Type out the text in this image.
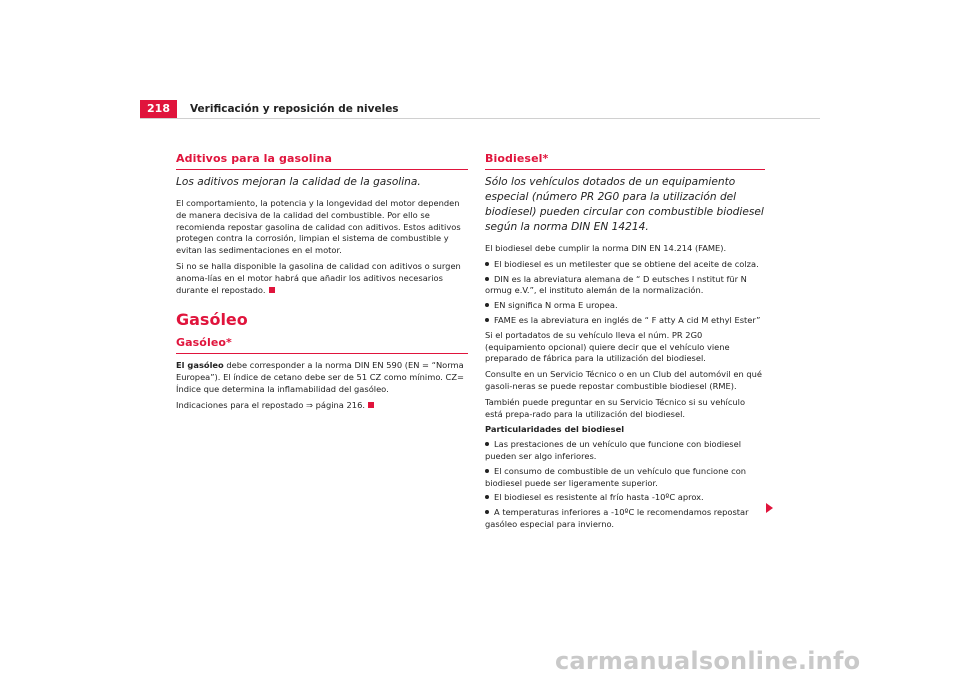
218	Verificación y reposición de niveles
Aditivos para la gasolina
Los aditivos mejoran la calidad de la gasolina.

El comportamiento, la potencia y la longevidad del motor dependen de manera decisiva de la calidad del combustible. Por ello se recomienda repostar gasolina de calidad con aditivos. Estos aditivos protegen contra la corrosión, limpian el sistema de combustible y evitan las sedimentaciones en el motor.

Si no se halla disponible la gasolina de calidad con aditivos o surgen anoma-lías en el motor habrá que añadir los aditivos necesarios durante el repostado.

Gasóleo
Gasóleo*

El gasóleo debe corresponder a la norma DIN EN 590 (EN = “Norma Europea”). El índice de cetano debe ser de 51 CZ como mínimo. CZ= Índice que determina la inflamabilidad del gasóleo.

Indicaciones para el repostado ⇒ página 216.

Biodiesel*
Sólo los vehículos dotados de un equipamiento especial (número PR 2G0 para la utilización del biodiesel) pueden circular con combustible biodiesel según la norma DIN EN 14214.

El biodiesel debe cumplir la norma DIN EN 14.214 (FAME).

El biodiesel es un metilester que se obtiene del aceite de colza.
DIN es la abreviatura alemana de “ D eutsches I nstitut für N ormug e.V.”, el instituto alemán de la normalización.
EN significa N orma E uropea.
FAME es la abreviatura en inglés de “ F atty A cid M ethyl Ester”

Si el portadatos de su vehículo lleva el núm. PR 2G0 (equipamiento opcional) quiere decir que el vehículo viene preparado de fábrica para la utilización del biodiesel.

Consulte en un Servicio Técnico o en un Club del automóvil en qué gasoli-neras se puede repostar combustible biodiesel (RME).

También puede preguntar en su Servicio Técnico si su vehículo está prepa-rado para la utilización del biodiesel.

Particularidades del biodiesel
Las prestaciones de un vehículo que funcione con biodiesel pueden ser algo inferiores.
El consumo de combustible de un vehículo que funcione con biodiesel puede ser ligeramente superior.
El biodiesel es resistente al frío hasta -10ºC aprox.
A temperaturas inferiores a -10ºC le recomendamos repostar gasóleo especial para invierno.
carmanualsonline.info
